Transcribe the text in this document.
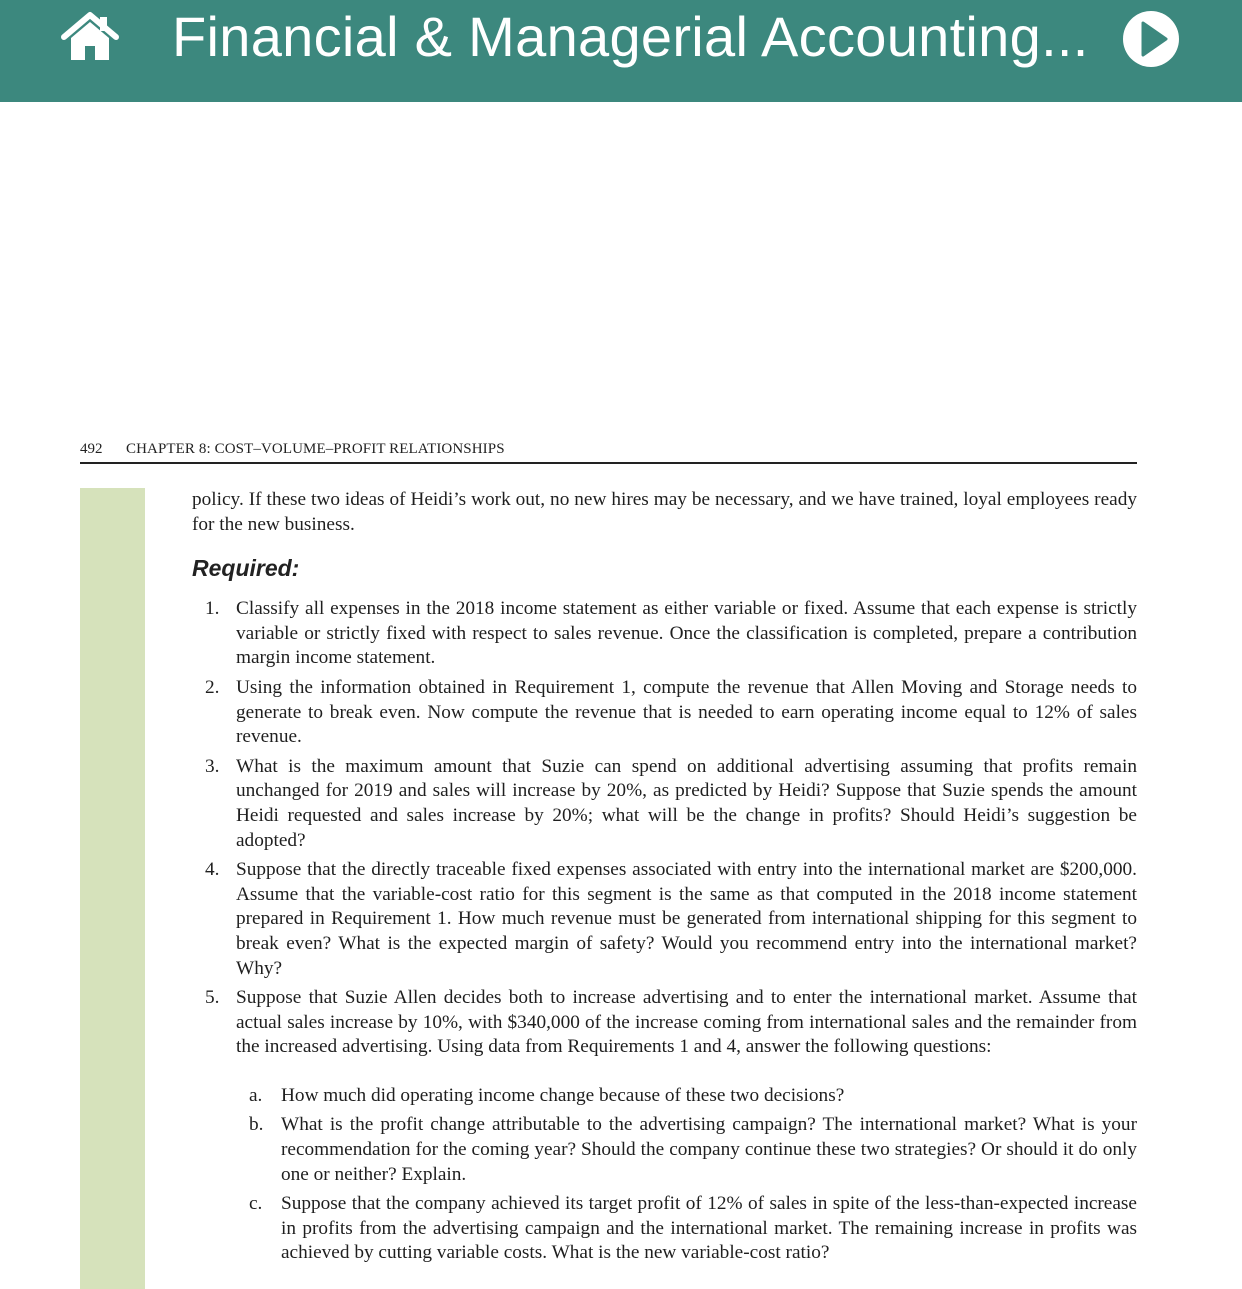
Financial & Managerial Accounting...
492 CHAPTER 8: COST–VOLUME–PROFIT RELATIONSHIPS

policy. If these two ideas of Heidi’s work out, no new hires may be necessary, and we have trained, loyal employees ready for the new business.

Required:
1. Classify all expenses in the 2018 income statement as either variable or fixed. Assume that each expense is strictly variable or strictly fixed with respect to sales revenue. Once the classification is completed, prepare a contribution margin income statement.
2. Using the information obtained in Requirement 1, compute the revenue that Allen Moving and Storage needs to generate to break even. Now compute the revenue that is needed to earn operating income equal to 12% of sales revenue.
3. What is the maximum amount that Suzie can spend on additional advertising assuming that profits remain unchanged for 2019 and sales will increase by 20%, as predicted by Heidi? Suppose that Suzie spends the amount Heidi requested and sales increase by 20%; what will be the change in profits? Should Heidi’s suggestion be adopted?
4. Suppose that the directly traceable fixed expenses associated with entry into the international market are $200,000. Assume that the variable-cost ratio for this segment is the same as that computed in the 2018 income statement prepared in Requirement 1. How much revenue must be generated from international shipping for this segment to break even? What is the expected margin of safety? Would you recommend entry into the international market? Why?
5. Suppose that Suzie Allen decides both to increase advertising and to enter the international market. Assume that actual sales increase by 10%, with $340,000 of the increase coming from international sales and the remainder from the increased advertising. Using data from Requirements 1 and 4, answer the following questions:
a. How much did operating income change because of these two decisions?
b. What is the profit change attributable to the advertising campaign? The international market? What is your recommendation for the coming year? Should the company continue these two strategies? Or should it do only one or neither? Explain.
c. Suppose that the company achieved its target profit of 12% of sales in spite of the less-than-expected increase in profits from the advertising campaign and the international market. The remaining increase in profits was achieved by cutting variable costs. What is the new variable-cost ratio?
